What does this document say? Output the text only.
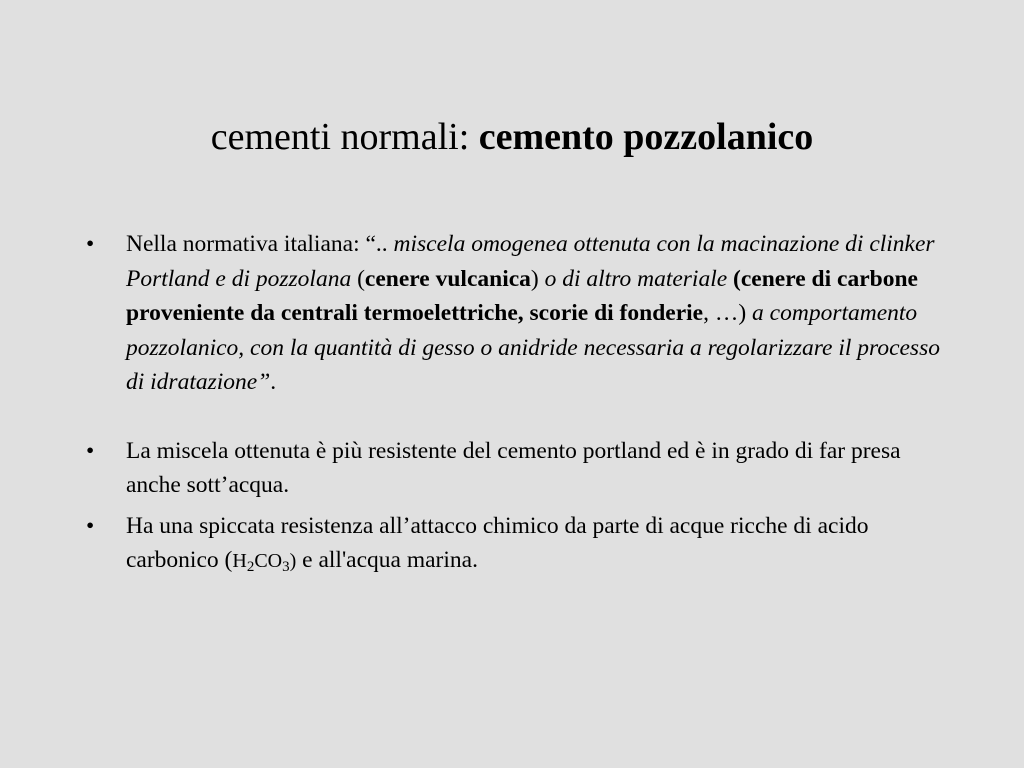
cementi normali: cemento pozzolanico
•	Nella normativa italiana: “.. miscela omogenea ottenuta con la macinazione di clinker Portland e di pozzolana (cenere vulcanica) o di altro materiale (cenere di carbone proveniente da centrali termoelettriche, scorie di fonderie, …) a comportamento pozzolanico, con la quantità di gesso o anidride necessaria a regolarizzare il processo di idratazione”.
•	La miscela ottenuta è più resistente del cemento portland ed è in grado di far presa anche sott’acqua.
•	Ha una spiccata resistenza all’attacco chimico da parte di acque ricche di acido carbonico $(H_2CO_3)$ e all'acqua marina.
